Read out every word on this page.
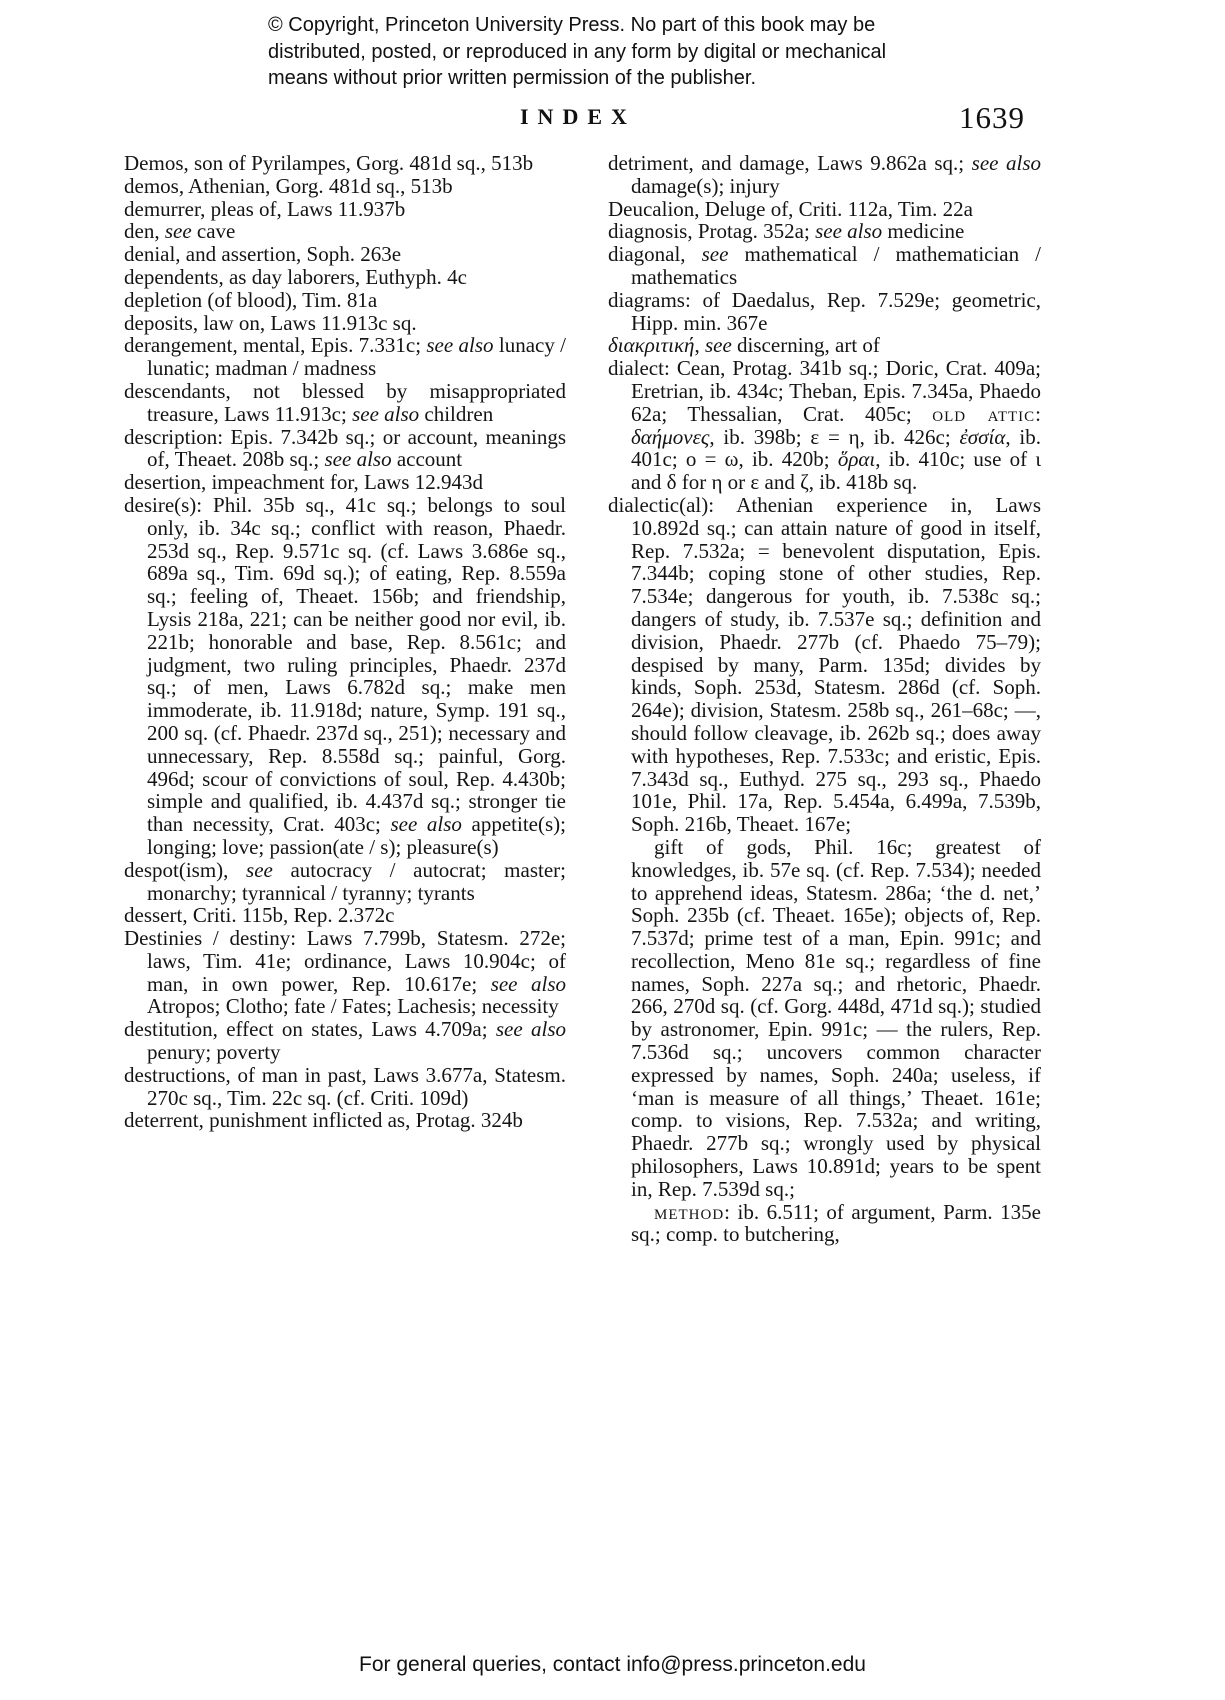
© Copyright, Princeton University Press. No part of this book may be
distributed, posted, or reproduced in any form by digital or mechanical
means without prior written permission of the publisher.
INDEX	1639

Demos, son of Pyrilampes, Gorg. 481d sq., 513b

demos, Athenian, Gorg. 481d sq., 513b

demurrer, pleas of, Laws 11.937b

den, see cave

denial, and assertion, Soph. 263e

dependents, as day laborers, Euthyph. 4c

depletion (of blood), Tim. 81a

deposits, law on, Laws 11.913c sq.

derangement, mental, Epis. 7.331c; see also lunacy / lunatic; madman / madness

descendants, not blessed by misappropriated treasure, Laws 11.913c; see also children

description: Epis. 7.342b sq.; or account, meanings of, Theaet. 208b sq.; see also account

desertion, impeachment for, Laws 12.943d

desire(s): Phil. 35b sq., 41c sq.; belongs to soul only, ib. 34c sq.; conflict with reason, Phaedr. 253d sq., Rep. 9.571c sq. (cf. Laws 3.686e sq., 689a sq., Tim. 69d sq.); of eating, Rep. 8.559a sq.; feeling of, Theaet. 156b; and friendship, Lysis 218a, 221; can be neither good nor evil, ib. 221b; honorable and base, Rep. 8.561c; and judgment, two ruling principles, Phaedr. 237d sq.; of men, Laws 6.782d sq.; make men immoderate, ib. 11.918d; nature, Symp. 191 sq., 200 sq. (cf. Phaedr. 237d sq., 251); necessary and unnecessary, Rep. 8.558d sq.; painful, Gorg. 496d; scour of convictions of soul, Rep. 4.430b; simple and qualified, ib. 4.437d sq.; stronger tie than necessity, Crat. 403c; see also appetite(s); longing; love; passion(ate / s); pleasure(s)

despot(ism), see autocracy / autocrat; master; monarchy; tyrannical / tyranny; tyrants

dessert, Criti. 115b, Rep. 2.372c

Destinies / destiny: Laws 7.799b, Statesm. 272e; laws, Tim. 41e; ordinance, Laws 10.904c; of man, in own power, Rep. 10.617e; see also Atropos; Clotho; fate / Fates; Lachesis; necessity

destitution, effect on states, Laws 4.709a; see also penury; poverty

destructions, of man in past, Laws 3.677a, Statesm. 270c sq., Tim. 22c sq. (cf. Criti. 109d)

deterrent, punishment inflicted as, Protag. 324b

detriment, and damage, Laws 9.862a sq.; see also damage(s); injury

Deucalion, Deluge of, Criti. 112a, Tim. 22a

diagnosis, Protag. 352a; see also medicine

diagonal, see mathematical / mathematician / mathematics

diagrams: of Daedalus, Rep. 7.529e; geometric, Hipp. min. 367e

διακριτική, see discerning, art of

dialect: Cean, Protag. 341b sq.; Doric, Crat. 409a; Eretrian, ib. 434c; Theban, Epis. 7.345a, Phaedo 62a; Thessalian, Crat. 405c; old attic: δαήμονες, ib. 398b; ε = η, ib. 426c; ἐσσία, ib. 401c; ο = ω, ib. 420b; ὅραι, ib. 410c; use of ι and δ for η or ε and ζ, ib. 418b sq.

dialectic(al): Athenian experience in, Laws 10.892d sq.; can attain nature of good in itself, Rep. 7.532a; = benevolent disputation, Epis. 7.344b; coping stone of other studies, Rep. 7.534e; dangerous for youth, ib. 7.538c sq.; dangers of study, ib. 7.537e sq.; definition and division, Phaedr. 277b (cf. Phaedo 75–79); despised by many, Parm. 135d; divides by kinds, Soph. 253d, Statesm. 286d (cf. Soph. 264e); division, Statesm. 258b sq., 261–68c; —, should follow cleavage, ib. 262b sq.; does away with hypotheses, Rep. 7.533c; and eristic, Epis. 7.343d sq., Euthyd. 275 sq., 293 sq., Phaedo 101e, Phil. 17a, Rep. 5.454a, 6.499a, 7.539b, Soph. 216b, Theaet. 167e;

gift of gods, Phil. 16c; greatest of knowledges, ib. 57e sq. (cf. Rep. 7.534); needed to apprehend ideas, Statesm. 286a; ‘the d. net,’ Soph. 235b (cf. Theaet. 165e); objects of, Rep. 7.537d; prime test of a man, Epin. 991c; and recollection, Meno 81e sq.; regardless of fine names, Soph. 227a sq.; and rhetoric, Phaedr. 266, 270d sq. (cf. Gorg. 448d, 471d sq.); studied by astronomer, Epin. 991c; — the rulers, Rep. 7.536d sq.; uncovers common character expressed by names, Soph. 240a; useless, if ‘man is measure of all things,’ Theaet. 161e; comp. to visions, Rep. 7.532a; and writing, Phaedr. 277b sq.; wrongly used by physical philosophers, Laws 10.891d; years to be spent in, Rep. 7.539d sq.;

method: ib. 6.511; of argument, Parm. 135e sq.; comp. to butchering,

For general queries, contact info@press.princeton.edu
